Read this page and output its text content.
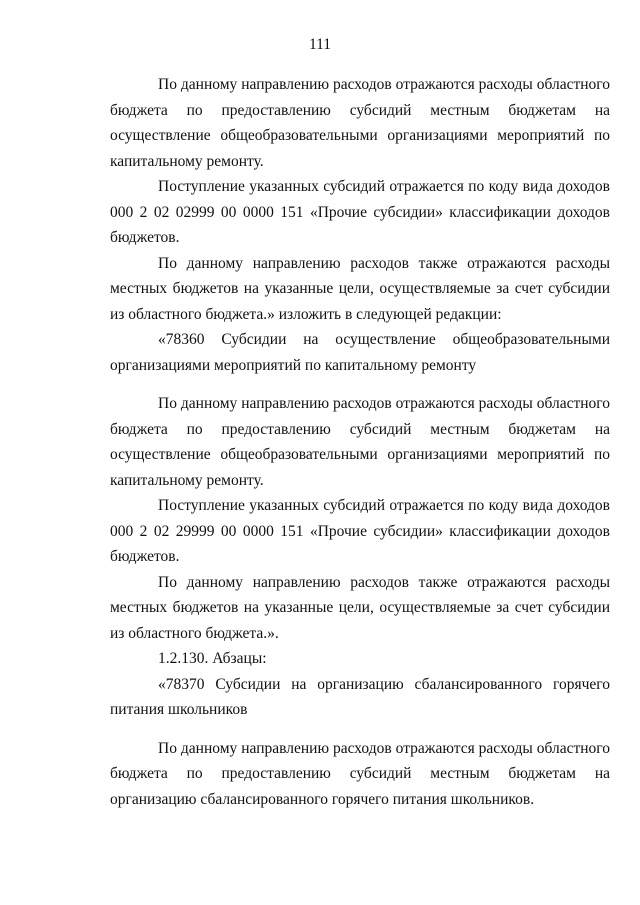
111

По данному направлению расходов отражаются расходы областного бюджета по предоставлению субсидий местным бюджетам на осуществление общеобразовательными организациями мероприятий по капитальному ремонту.

Поступление указанных субсидий отражается по коду вида доходов 000 2 02 02999 00 0000 151 «Прочие субсидии» классификации доходов бюджетов.

По данному направлению расходов также отражаются расходы местных бюджетов на указанные цели, осуществляемые за счет субсидии из областного бюджета.» изложить в следующей редакции:

«78360 Субсидии на осуществление общеобразовательными организациями мероприятий по капитальному ремонту

По данному направлению расходов отражаются расходы областного бюджета по предоставлению субсидий местным бюджетам на осуществление общеобразовательными организациями мероприятий по капитальному ремонту.

Поступление указанных субсидий отражается по коду вида доходов 000 2 02 29999 00 0000 151 «Прочие субсидии» классификации доходов бюджетов.

По данному направлению расходов также отражаются расходы местных бюджетов на указанные цели, осуществляемые за счет субсидии из областного бюджета.».

1.2.130. Абзацы:

«78370 Субсидии на организацию сбалансированного горячего питания школьников

По данному направлению расходов отражаются расходы областного бюджета по предоставлению субсидий местным бюджетам на организацию сбалансированного горячего питания школьников.
